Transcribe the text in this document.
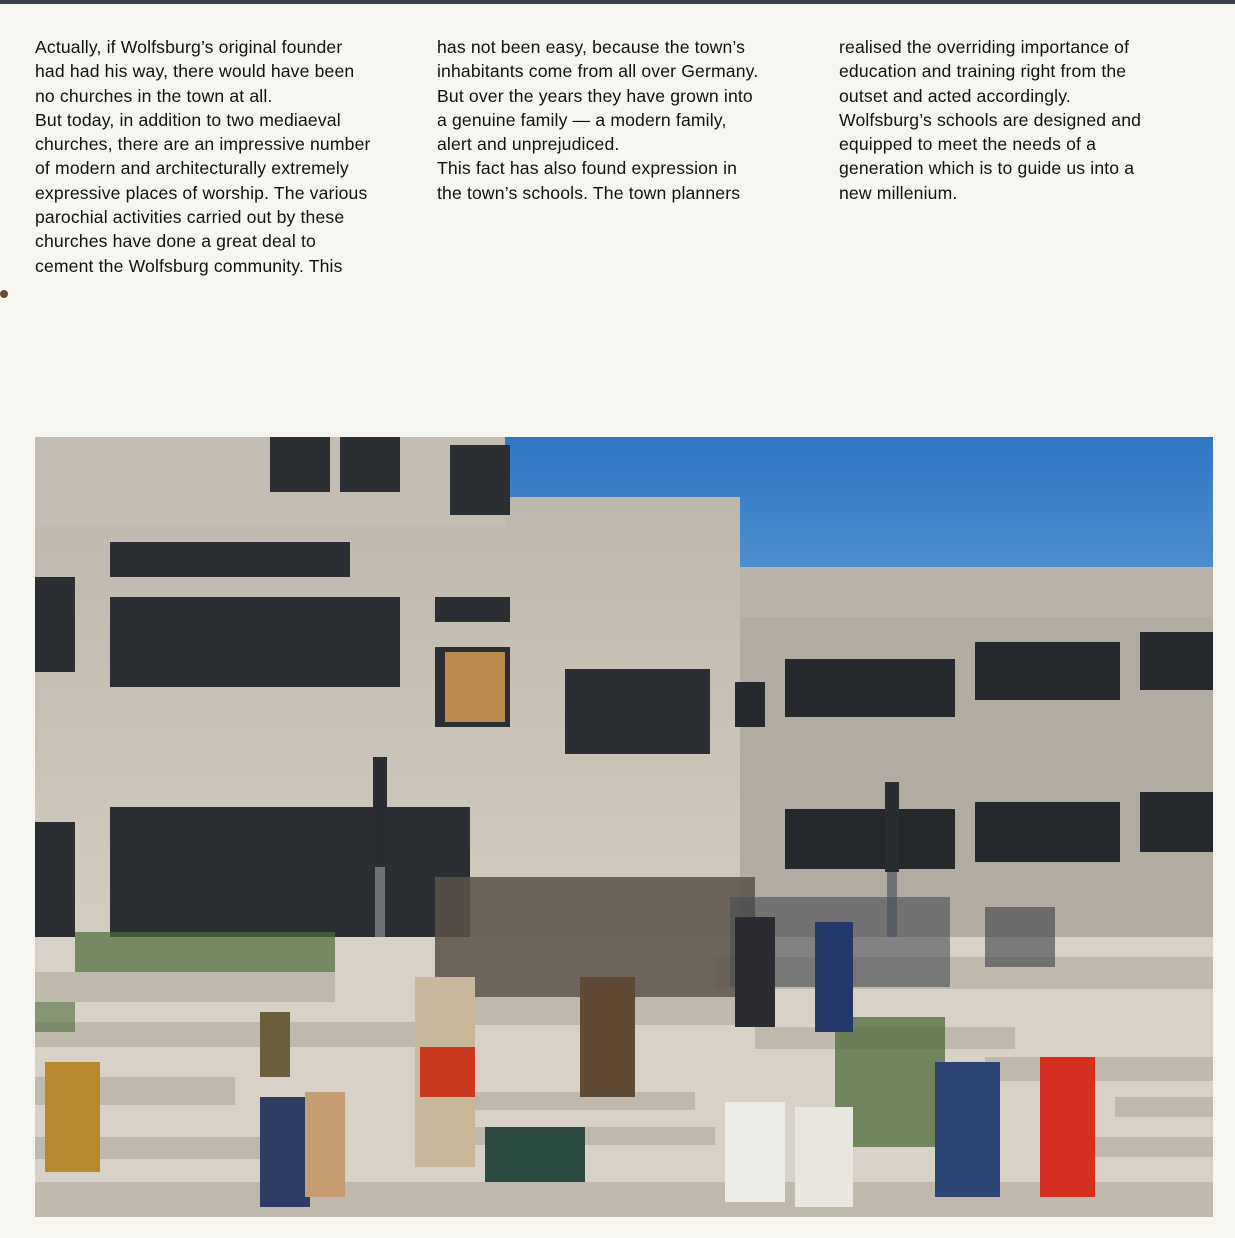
Actually, if Wolfsburg’s original founder
had had his way, there would have been
no churches in the town at all.
But today, in addition to two mediaeval
churches, there are an impressive number
of modern and architecturally extremely
expressive places of worship. The various
parochial activities carried out by these
churches have done a great deal to
cement the Wolfsburg community. This
has not been easy, because the town’s
inhabitants come from all over Germany.
But over the years they have grown into
a genuine family — a modern family,
alert and unprejudiced.
This fact has also found expression in
the town’s schools. The town planners
realised the overriding importance of
education and training right from the
outset and acted accordingly.
Wolfsburg’s schools are designed and
equipped to meet the needs of a
generation which is to guide us into a
new millenium.
